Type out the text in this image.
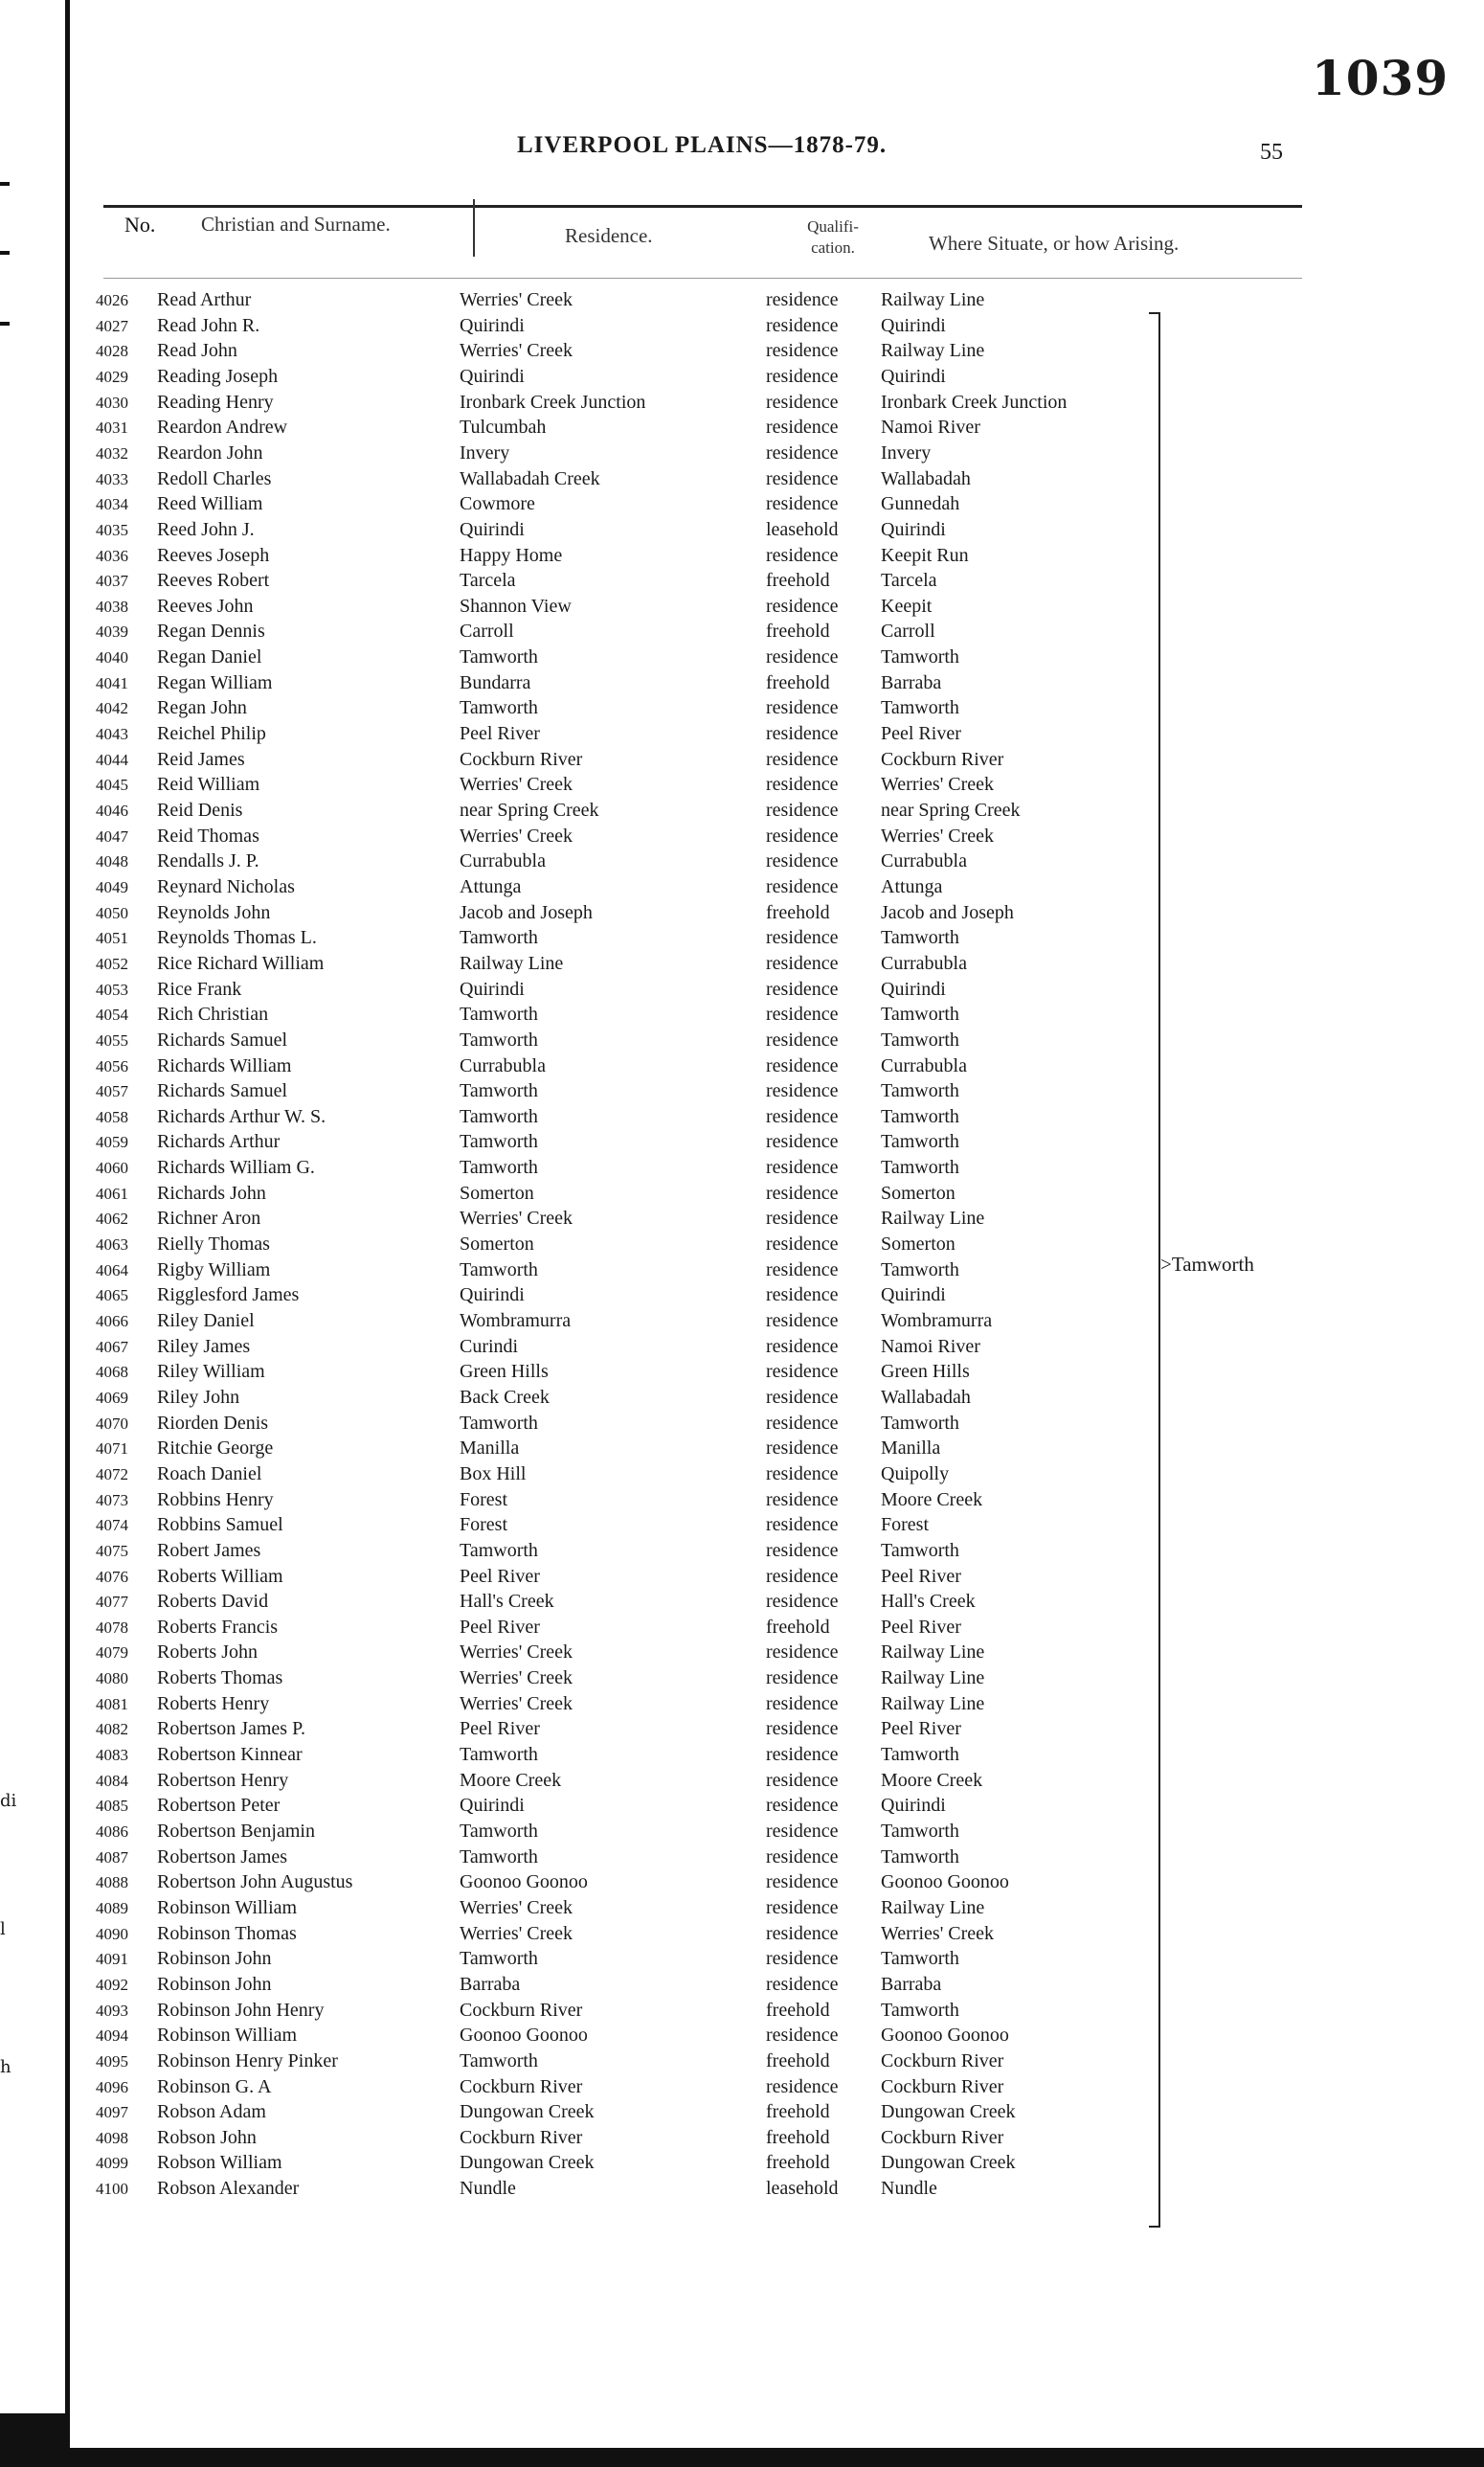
di
l
h
1039
LIVERPOOL PLAINS—1878-79.	55
No. Christian and Surname.	Residence.	Qualifi- cation.	Where Situate, or how Arising.
4026 Read Arthur	Werries' Creek	residence Railway Line
4027 Read John R.	Quirindi	residence Quirindi
4028 Read John	Werries' Creek	residence Railway Line
4029 Reading Joseph	Quirindi	residence Quirindi
4030 Reading Henry	Ironbark Creek Junction	residence Ironbark Creek Junction
4031 Reardon Andrew	Tulcumbah	residence Namoi River
4032 Reardon John	Invery	residence Invery
4033 Redoll Charles	Wallabadah Creek	residence Wallabadah
4034 Reed William	Cowmore	residence Gunnedah
4035 Reed John J.	Quirindi	leasehold Quirindi
4036 Reeves Joseph	Happy Home	residence Keepit Run
4037 Reeves Robert	Tarcela	freehold	Tarcela
4038 Reeves John	Shannon View	residence Keepit
4039 Regan Dennis	Carroll	freehold	Carroll
4040 Regan Daniel	Tamworth	residence Tamworth
4041 Regan William	Bundarra	freehold	Barraba
4042 Regan John	Tamworth	residence Tamworth
4043 Reichel Philip	Peel River	residence Peel River
4044 Reid James	Cockburn River	residence Cockburn River
4045 Reid William	Werries' Creek	residence Werries' Creek
4046 Reid Denis	near Spring Creek	residence near Spring Creek
4047 Reid Thomas	Werries' Creek	residence Werries' Creek
4048 Rendalls J. P.	Currabubla	residence Currabubla
4049 Reynard Nicholas	Attunga	residence Attunga
4050 Reynolds John	Jacob and Joseph	freehold	Jacob and Joseph
4051 Reynolds Thomas L.	Tamworth	residence Tamworth
4052 Rice Richard William	Railway Line	residence Currabubla
4053 Rice Frank	Quirindi	residence Quirindi
4054 Rich Christian	Tamworth	residence Tamworth
4055 Richards Samuel	Tamworth	residence Tamworth
4056 Richards William	Currabubla	residence Currabubla
4057 Richards Samuel	Tamworth	residence Tamworth
4058 Richards Arthur W. S.	Tamworth	residence Tamworth
4059 Richards Arthur	Tamworth	residence Tamworth
4060 Richards William G.	Tamworth	residence Tamworth
4061 Richards John	Somerton	residence Somerton
4062 Richner Aron	Werries' Creek	residence Railway Line
4063 Rielly Thomas	Somerton	residence Somerton
4064 Rigby William	Tamworth	residence Tamworth
4065 Rigglesford James	Quirindi	residence Quirindi
4066 Riley Daniel	Wombramurra	residence Wombramurra
4067 Riley James	Curindi	residence Namoi River
4068 Riley William	Green Hills	residence Green Hills
4069 Riley John	Back Creek	residence Wallabadah
4070 Riorden Denis	Tamworth	residence Tamworth
4071 Ritchie George	Manilla	residence Manilla
4072 Roach Daniel	Box Hill	residence Quipolly
4073 Robbins Henry	Forest	residence Moore Creek
4074 Robbins Samuel	Forest	residence Forest
4075 Robert James	Tamworth	residence Tamworth
4076 Roberts William	Peel River	residence Peel River
4077 Roberts David	Hall's Creek	residence Hall's Creek
4078 Roberts Francis	Peel River	freehold	Peel River
4079 Roberts John	Werries' Creek	residence Railway Line
4080 Roberts Thomas	Werries' Creek	residence Railway Line
4081 Roberts Henry	Werries' Creek	residence Railway Line
4082 Robertson James P.	Peel River	residence Peel River
4083 Robertson Kinnear	Tamworth	residence Tamworth
4084 Robertson Henry	Moore Creek	residence Moore Creek
4085 Robertson Peter	Quirindi	residence Quirindi
4086 Robertson Benjamin	Tamworth	residence Tamworth
4087 Robertson James	Tamworth	residence Tamworth
4088 Robertson John Augustus	Goonoo Goonoo	residence Goonoo Goonoo
4089 Robinson William	Werries' Creek	residence Railway Line
4090 Robinson Thomas	Werries' Creek	residence Werries' Creek
4091 Robinson John	Tamworth	residence Tamworth
4092 Robinson John	Barraba	residence Barraba
4093 Robinson John Henry	Cockburn River	freehold	Tamworth
4094 Robinson William	Goonoo Goonoo	residence Goonoo Goonoo
4095 Robinson Henry Pinker	Tamworth	freehold	Cockburn River
4096 Robinson G. A	Cockburn River	residence Cockburn River
4097 Robson Adam	Dungowan Creek	freehold	Dungowan Creek
4098 Robson John	Cockburn River	freehold	Cockburn River
4099 Robson William	Dungowan Creek	freehold	Dungowan Creek
4100 Robson Alexander	Nundle	leasehold Nundle
>Tamworth
